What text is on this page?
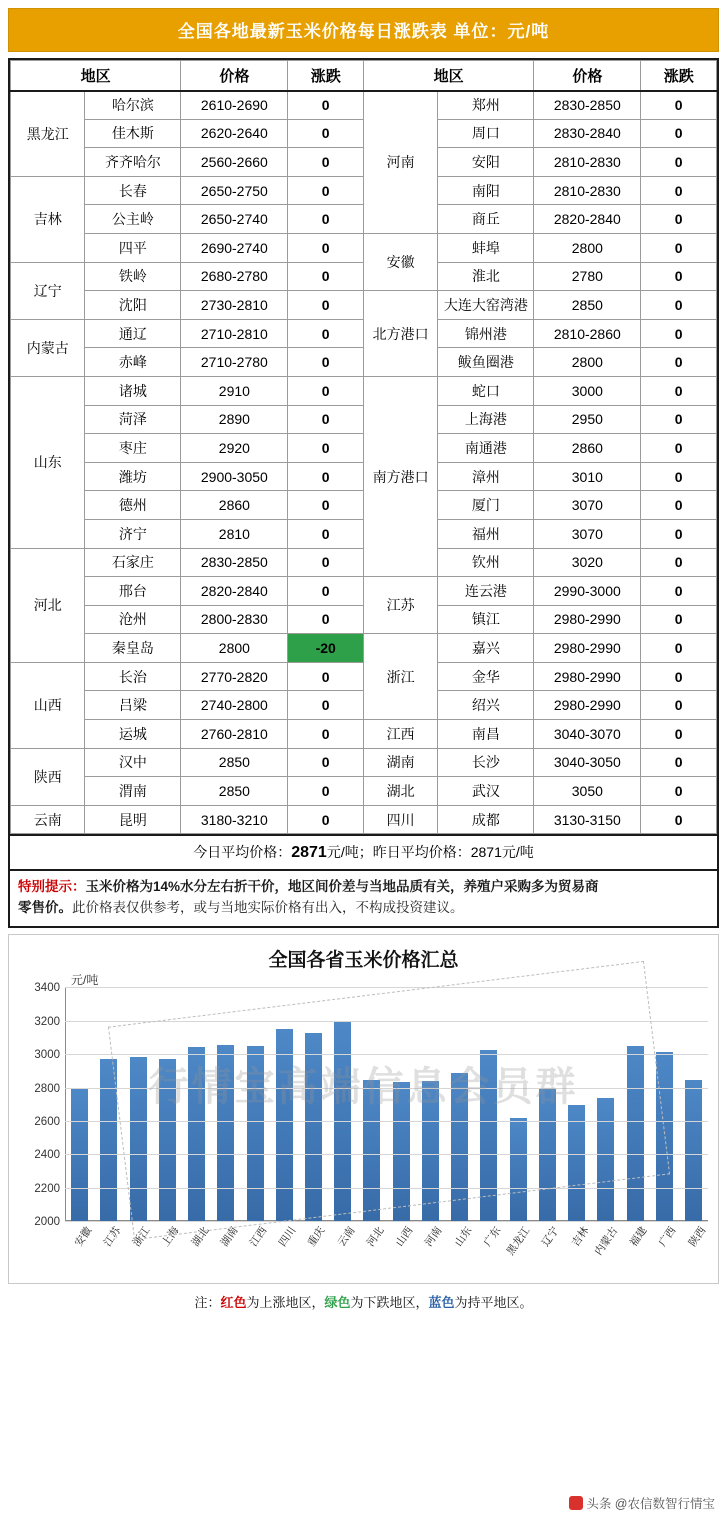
全国各地最新玉米价格每日涨跌表 单位：元/吨
地区		价格	涨跌	地区		价格	涨跌
黑龙江	哈尔滨	2610-2690	0	河南	郑州	2830-2850	0
	佳木斯	2620-2640	0		周口	2830-2840	0
	齐齐哈尔	2560-2660	0		安阳	2810-2830	0
吉林	长春	2650-2750	0		南阳	2810-2830	0
	公主岭	2650-2740	0		商丘	2820-2840	0
	四平	2690-2740	0	安徽	蚌埠	2800	0
辽宁	铁岭	2680-2780	0		淮北	2780	0
	沈阳	2730-2810	0	北方港口	大连大窑湾港	2850	0
内蒙古	通辽	2710-2810	0		锦州港	2810-2860	0
	赤峰	2710-2780	0		鲅鱼圈港	2800	0
山东	诸城	2910	0	南方港口	蛇口	3000	0
	菏泽	2890	0		上海港	2950	0
	枣庄	2920	0		南通港	2860	0
	潍坊	2900-3050	0		漳州	3010	0
	德州	2860	0		厦门	3070	0
	济宁	2810	0		福州	3070	0
河北	石家庄	2830-2850	0		钦州	3020	0
	邢台	2820-2840	0	江苏	连云港	2990-3000	0
	沧州	2800-2830	0		镇江	2980-2990	0
	秦皇岛	2800	-20	浙江	嘉兴	2980-2990	0
山西	长治	2770-2820	0		金华	2980-2990	0
	吕梁	2740-2800	0		绍兴	2980-2990	0
	运城	2760-2810	0	江西	南昌	3040-3070	0
陕西	汉中	2850	0	湖南	长沙	3040-3050	0
	渭南	2850	0	湖北	武汉	3050	0
云南	昆明	3180-3210	0	四川	成都	3130-3150	0
今日平均价格：2871元/吨；昨日平均价格：2871元/吨
特别提示：玉米价格为14%水分左右折干价，地区间价差与当地品质有关，养殖户采购多为贸易商
零售价。此价格表仅供参考，或与当地实际价格有出入，不构成投资建议。
全国各省玉米价格汇总
元/吨
行情宝高端信息会员群
安徽 江苏 浙江 上海 湖北 湖南 江西 四川 重庆 云南 河北 山西 河南 山东 广东 黑龙江 辽宁 吉林 内蒙古 福建 广西 陕西
2000
2200
2400
2600
2800
3000
3200
3400
注：红色为上涨地区，绿色为下跌地区，蓝色为持平地区。
头条 @农信数智行情宝
